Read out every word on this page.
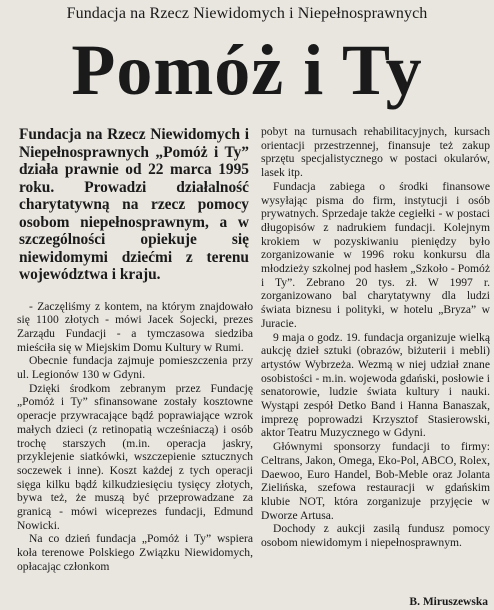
Fundacja na Rzecz Niewidomych i Niepełnosprawnych
Pomóż i Ty

Fundacja na Rzecz Niewidomych i Niepełnosprawnych „Pomóż i Ty” działa prawnie od 22 marca 1995 roku. Prowadzi działalność charytatywną na rzecz pomocy osobom niepełnosprawnym, a w szczególności opiekuje się niewidomymi dziećmi z terenu województwa i kraju.

- Zaczęliśmy z kontem, na którym znajdowało się 1100 złotych - mówi Jacek Sojecki, prezes Zarządu Fundacji - a tymczasowa siedziba mieściła się w Miejskim Domu Kultury w Rumi.

Obecnie fundacja zajmuje pomieszczenia przy ul. Legionów 130 w Gdyni.

Dzięki środkom zebranym przez Fundację „Pomóż i Ty” sfinansowane zostały kosztowne operacje przywracające bądź poprawiające wzrok małych dzieci (z retinopatią wcześniaczą) i osób trochę starszych (m.in. operacja jaskry, przyklejenie siatkówki, wszczepienie sztucznych soczewek i inne). Koszt każdej z tych operacji sięga kilku bądź kilkudziesięciu tysięcy złotych, bywa też, że muszą być przeprowadzane za granicą - mówi wiceprezes fundacji, Edmund Nowicki.

Na co dzień fundacja „Pomóż i Ty” wspiera koła terenowe Polskiego Związku Niewidomych, opłacając członkom

pobyt na turnusach rehabilitacyjnych, kursach orientacji przestrzennej, finansuje też zakup sprzętu specjalistycznego w postaci okularów, lasek itp.

Fundacja zabiega o środki finansowe wysyłając pisma do firm, instytucji i osób prywatnych. Sprzedaje także cegiełki - w postaci długopisów z nadrukiem fundacji. Kolejnym krokiem w pozyskiwaniu pieniędzy było zorganizowanie w 1996 roku konkursu dla młodzieży szkolnej pod hasłem „Szkoło - Pomóż i Ty”. Zebrano 20 tys. zł. W 1997 r. zorganizowano bal charytatywny dla ludzi świata biznesu i polityki, w hotelu „Bryza” w Juracie.

9 maja o godz. 19. fundacja organizuje wielką aukcję dzieł sztuki (obrazów, biżuterii i mebli) artystów Wybrzeża. Wezmą w niej udział znane osobistości - m.in. wojewoda gdański, posłowie i senatorowie, ludzie świata kultury i nauki. Wystąpi zespół Detko Band i Hanna Banaszak, imprezę poprowadzi Krzysztof Stasierowski, aktor Teatru Muzycznego w Gdyni.

Głównymi sponsorzy fundacji to firmy: Celtrans, Jakon, Omega, Eko-Pol, ABCO, Rolex, Daewoo, Euro Handel, Bob-Meble oraz Jolanta Zielińska, szefowa restauracji w gdańskim klubie NOT, która zorganizuje przyjęcie w Dworze Artusa.

Dochody z aukcji zasilą fundusz pomocy osobom niewidomym i niepełnosprawnym.

B. Miruszewska
